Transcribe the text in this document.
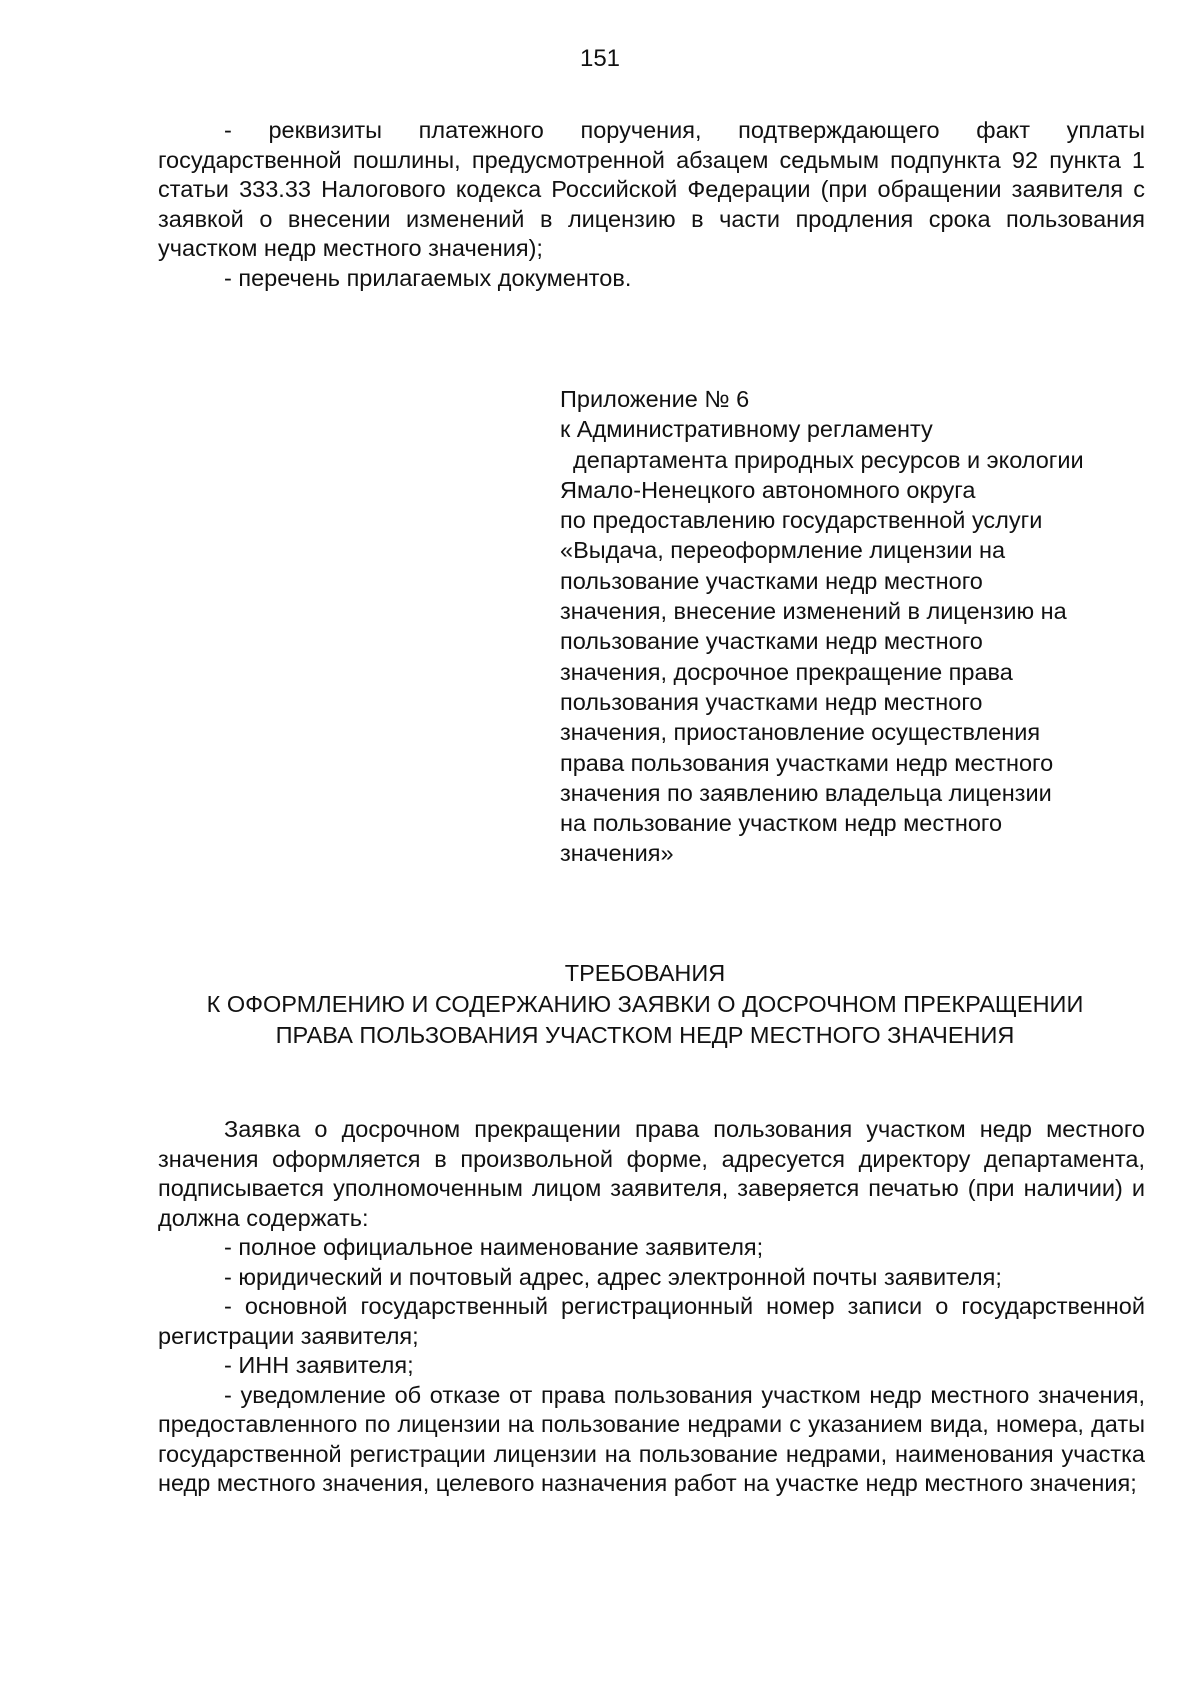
151

- реквизиты платежного поручения, подтверждающего факт уплаты государственной пошлины, предусмотренной абзацем седьмым подпункта 92 пункта 1 статьи 333.33 Налогового кодекса Российской Федерации (при обращении заявителя с заявкой о внесении изменений в лицензию в части продления срока пользования участком недр местного значения);

- перечень прилагаемых документов.

Приложение № 6
к Административному регламенту
департамента природных ресурсов и экологии
Ямало-Ненецкого автономного округа
по предоставлению государственной услуги
«Выдача, переоформление лицензии на
пользование участками недр местного
значения, внесение изменений в лицензию на
пользование участками недр местного
значения, досрочное прекращение права
пользования участками недр местного
значения, приостановление осуществления
права пользования участками недр местного
значения по заявлению владельца лицензии
на пользование участком недр местного
значения»
ТРЕБОВАНИЯ
К ОФОРМЛЕНИЮ И СОДЕРЖАНИЮ ЗАЯВКИ О ДОСРОЧНОМ ПРЕКРАЩЕНИИ
ПРАВА ПОЛЬЗОВАНИЯ УЧАСТКОМ НЕДР МЕСТНОГО ЗНАЧЕНИЯ

Заявка о досрочном прекращении права пользования участком недр местного значения оформляется в произвольной форме, адресуется директору департамента, подписывается уполномоченным лицом заявителя, заверяется печатью (при наличии) и должна содержать:

- полное официальное наименование заявителя;

- юридический и почтовый адрес, адрес электронной почты заявителя;

- основной государственный регистрационный номер записи о государственной регистрации заявителя;

- ИНН заявителя;

- уведомление об отказе от права пользования участком недр местного значения, предоставленного по лицензии на пользование недрами с указанием вида, номера, даты государственной регистрации лицензии на пользование недрами, наименования участка недр местного значения, целевого назначения работ на участке недр местного значения;
